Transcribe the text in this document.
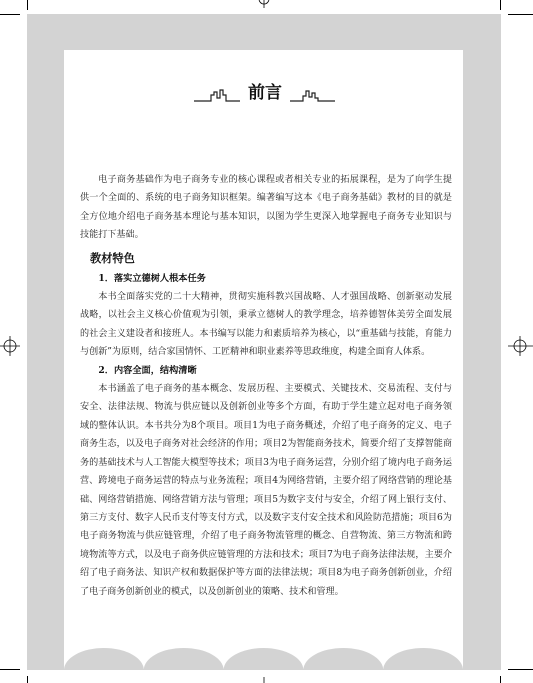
前言

电子商务基础作为电子商务专业的核心课程或者相关专业的拓展课程，是为了向学生提供一个全面的、系统的电子商务知识框架。编著编写这本《电子商务基础》教材的目的就是全方位地介绍电子商务基本理论与基本知识，以图为学生更深入地掌握电子商务专业知识与技能打下基础。

教材特色
1．落实立德树人根本任务

本书全面落实党的二十大精神，贯彻实施科教兴国战略、人才强国战略、创新驱动发展战略，以社会主义核心价值观为引领，秉承立德树人的教学理念，培养德智体美劳全面发展的社会主义建设者和接班人。本书编写以能力和素质培养为核心，以“重基础与技能，育能力与创新”为原则，结合家国情怀、工匠精神和职业素养等思政维度，构建全面育人体系。

2．内容全面，结构清晰

本书涵盖了电子商务的基本概念、发展历程、主要模式、关键技术、交易流程、支付与安全、法律法规、物流与供应链以及创新创业等多个方面，有助于学生建立起对电子商务领域的整体认识。本书共分为8个项目。项目1为电子商务概述，介绍了电子商务的定义、电子商务生态，以及电子商务对社会经济的作用；项目2为智能商务技术，简要介绍了支撑智能商务的基础技术与人工智能大模型等技术；项目3为电子商务运营，分别介绍了境内电子商务运营、跨境电子商务运营的特点与业务流程；项目4为网络营销，主要介绍了网络营销的理论基础、网络营销措施、网络营销方法与管理；项目5为数字支付与安全，介绍了网上银行支付、第三方支付、数字人民币支付等支付方式，以及数字支付安全技术和风险防范措施；项目6为电子商务物流与供应链管理，介绍了电子商务物流管理的概念、自营物流、第三方物流和跨境物流等方式，以及电子商务供应链管理的方法和技术；项目7为电子商务法律法规，主要介绍了电子商务法、知识产权和数据保护等方面的法律法规；项目8为电子商务创新创业，介绍了电子商务创新创业的模式，以及创新创业的策略、技术和管理。
